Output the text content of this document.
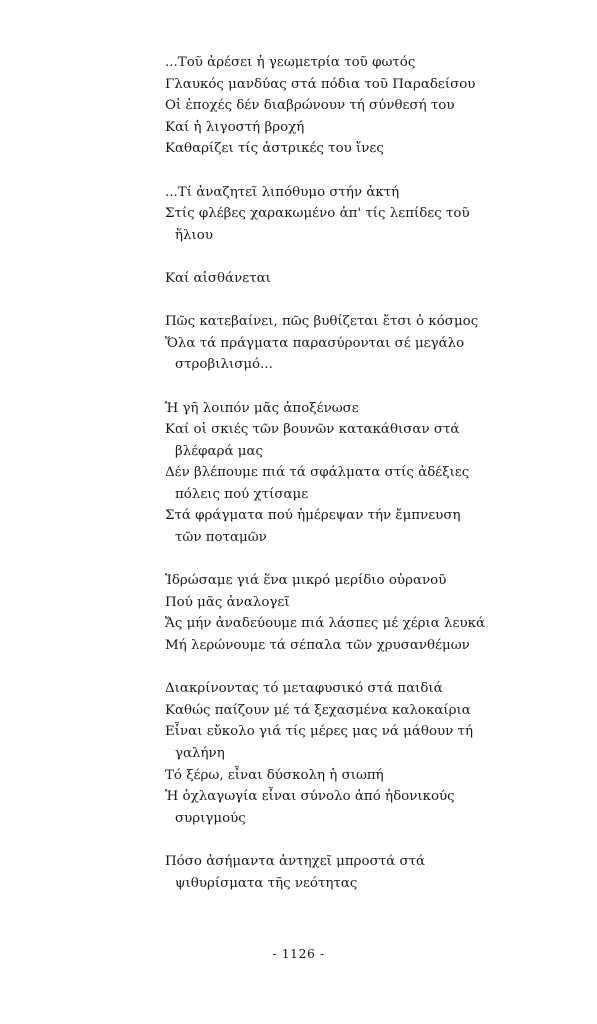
...Τοῦ ἀρέσει ἡ γεωμετρία τοῦ φωτός
Γλαυκός μανδύας στά πόδια τοῦ Παραδείσου
Οἱ ἐποχές δέν διαβρώνουν τή σύνθεσή του
Καί ἡ λιγοστή βροχή
Καθαρίζει τίς ἀστρικές του ἴνες
...Τί ἀναζητεῖ λιπόθυμο στήν ἀκτή
Στίς φλέβες χαρακωμένο ἀπ' τίς λεπίδες τοῦ
ἥλιου
Καί αἰσθάνεται
Πῶς κατεβαίνει, πῶς βυθίζεται ἔτσι ὁ κόσμος
Ὅλα τά πράγματα παρασύρονται σέ μεγάλο
στροβιλισμό...
Ἡ γῆ λοιπόν μᾶς ἀποξένωσε
Καί οἱ σκιές τῶν βουνῶν κατακάθισαν στά
βλέφαρά μας
Δέν βλέπουμε πιά τά σφάλματα στίς ἀδέξιες
πόλεις πού χτίσαμε
Στά φράγματα πού ἡμέρεψαν τήν ἔμπνευση
τῶν ποταμῶν
Ἱδρώσαμε γιά ἕνα μικρό μερίδιο οὐρανοῦ
Πού μᾶς ἀναλογεῖ
Ἄς μήν ἀναδεύουμε πιά λάσπες μέ χέρια λευκά
Μή λερώνουμε τά σέπαλα τῶν χρυσανθέμων
Διακρίνοντας τό μεταφυσικό στά παιδιά
Καθώς παίζουν μέ τά ξεχασμένα καλοκαίρια
Εἶναι εὔκολο γιά τίς μέρες μας νά μάθουν τή
γαλήνη
Τό ξέρω, εἶναι δύσκολη ἡ σιωπή
Ἡ ὀχλαγωγία εἶναι σύνολο ἀπό ἡδονικούς
συριγμούς
Πόσο ἀσήμαντα ἀντηχεῖ μπροστά στά
ψιθυρίσματα τῆς νεότητας
- 1126 -
